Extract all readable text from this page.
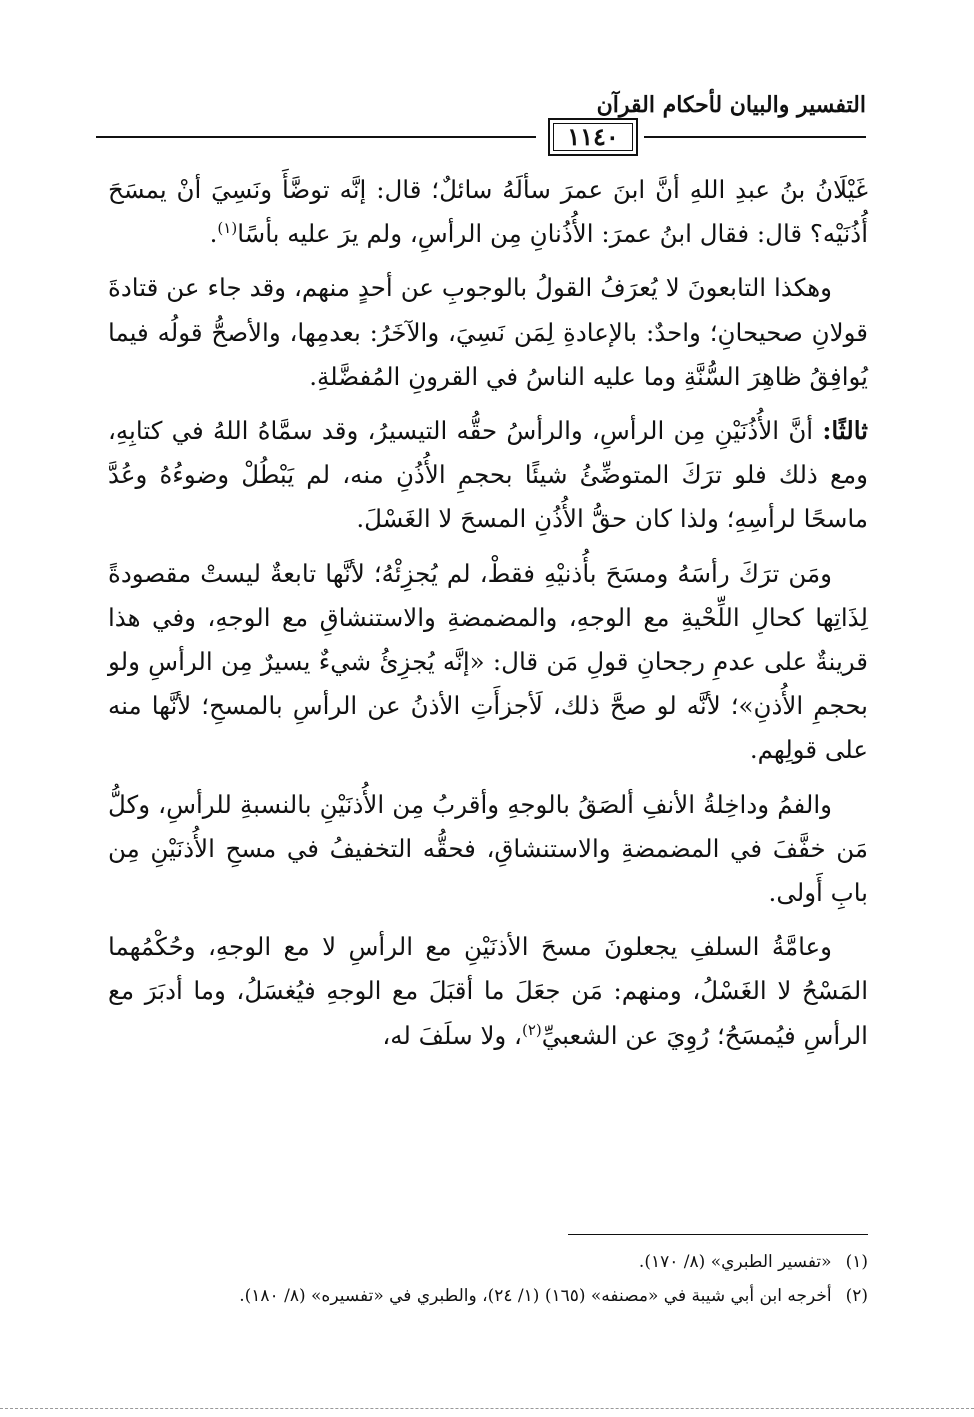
التفسير والبيان لأحكام القرآن
١١٤٠

غَيْلَانُ بنُ عبدِ اللهِ أنَّ ابنَ عمرَ سألَهُ سائلٌ؛ قال: إنَّه توضَّأَ ونَسِيَ أنْ يمسَحَ أُذُنَيْه؟ قال: فقال ابنُ عمرَ: الأُذُنانِ مِن الرأسِ، ولم يرَ عليه بأسًا$^{(١)}$.

وهكذا التابعونَ لا يُعرَفُ القولُ بالوجوبِ عن أحدٍ منهم، وقد جاء عن قتادةَ قولانِ صحيحانِ؛ واحدٌ: بالإعادةِ لِمَن نَسِيَ، والآخَرُ: بعدمِها، والأصحُّ قولُه فيما يُوافِقُ ظاهِرَ السُّنَّةِ وما عليه الناسُ في القرونِ المُفضَّلةِ.

ثالثًا: أنَّ الأُذُنَيْنِ مِن الرأسِ، والرأسُ حقُّه التيسيرُ، وقد سمَّاهُ اللهُ في كتابِهِ، ومع ذلك فلو ترَكَ المتوضِّئُ شيئًا بحجمِ الأُذُنِ منه، لم يَبْطُلْ وضوءُهُ وعُدَّ ماسحًا لرأسِهِ؛ ولذا كان حقُّ الأُذُنِ المسحَ لا الغَسْلَ.

ومَن ترَكَ رأسَهُ ومسَحَ بأُذنيْهِ فقطْ، لم يُجزِئْهُ؛ لأنَّها تابعةٌ ليستْ مقصودةً لِذَاتِها كحالِ اللِّحْيةِ مع الوجهِ، والمضمضةِ والاستنشاقِ مع الوجهِ، وفي هذا قرينةٌ على عدمِ رجحانِ قولِ مَن قال: «إنَّه يُجزِئُ شيءٌ يسيرٌ مِن الرأسِ ولو بحجمِ الأُذنِ»؛ لأنَّه لو صحَّ ذلك، لَأجزأَتِ الأذنُ عن الرأسِ بالمسحِ؛ لأنَّها منه على قولِهم.

والفمُ وداخِلةُ الأنفِ ألصَقُ بالوجهِ وأقربُ مِن الأُذنَيْنِ بالنسبةِ للرأسِ، وكلُّ مَن خفَّفَ في المضمضةِ والاستنشاقِ، فحقُّه التخفيفُ في مسحِ الأُذنَيْنِ مِن بابِ أَولى.

وعامَّةُ السلفِ يجعلونَ مسحَ الأذنَيْنِ مع الرأسِ لا مع الوجهِ، وحُكْمُهما المَسْحُ لا الغَسْلُ، ومنهم: مَن جعَلَ ما أقبَلَ مع الوجهِ فيُغسَلُ، وما أدبَرَ مع الرأسِ فيُمسَحُ؛ رُوِيَ عن الشعبيِّ$^{(٢)}$، ولا سلَفَ له،

(١)«تفسير الطبري» (٨/ ١٧٠).

(٢)أخرجه ابن أبي شيبة في «مصنفه» (١٦٥) (١/ ٢٤)، والطبري في «تفسيره» (٨/ ١٨٠).
